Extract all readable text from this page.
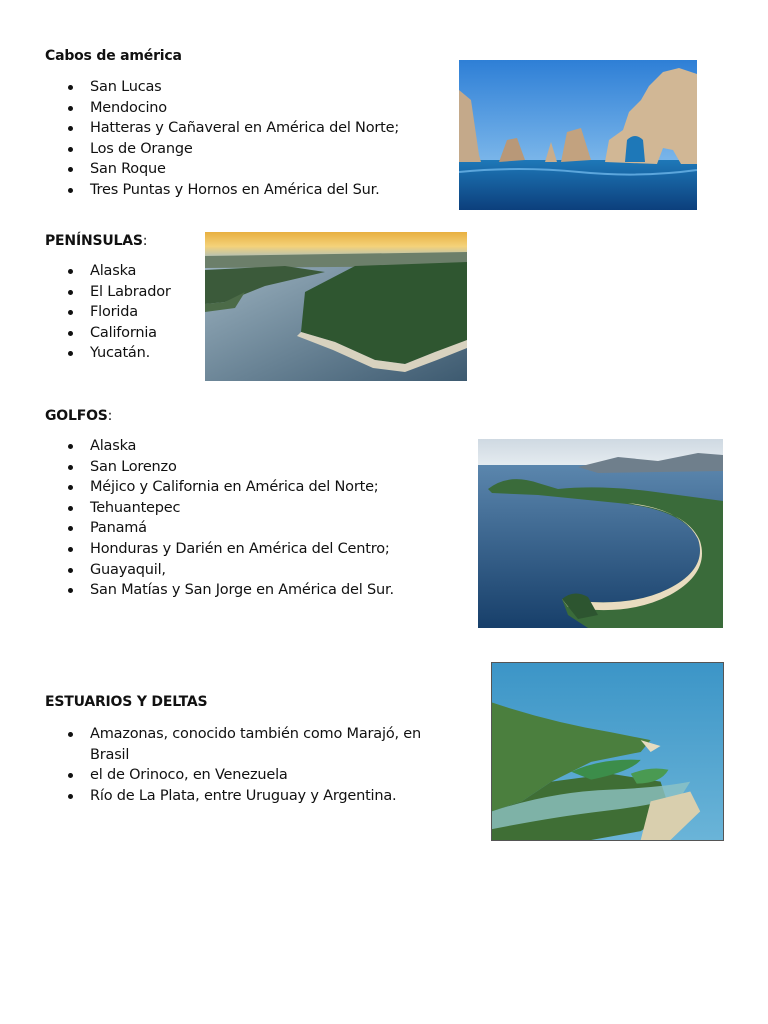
Cabos de américa
San Lucas
Mendocino
Hatteras y Cañaveral en América del Norte;
Los de Orange
San Roque
Tres Puntas y Hornos en América del Sur.
PENÍNSULAS:
Alaska
El Labrador
Florida
California
Yucatán.
GOLFOS:
Alaska
San Lorenzo
Méjico y California en América del Norte;
Tehuantepec
Panamá
Honduras y Darién en América del Centro;
Guayaquil,
San Matías y San Jorge en América del Sur.
ESTUARIOS Y DELTAS
Amazonas, conocido también como Marajó, en
Brasil
el de Orinoco, en Venezuela
Río de La Plata, entre Uruguay y Argentina.
